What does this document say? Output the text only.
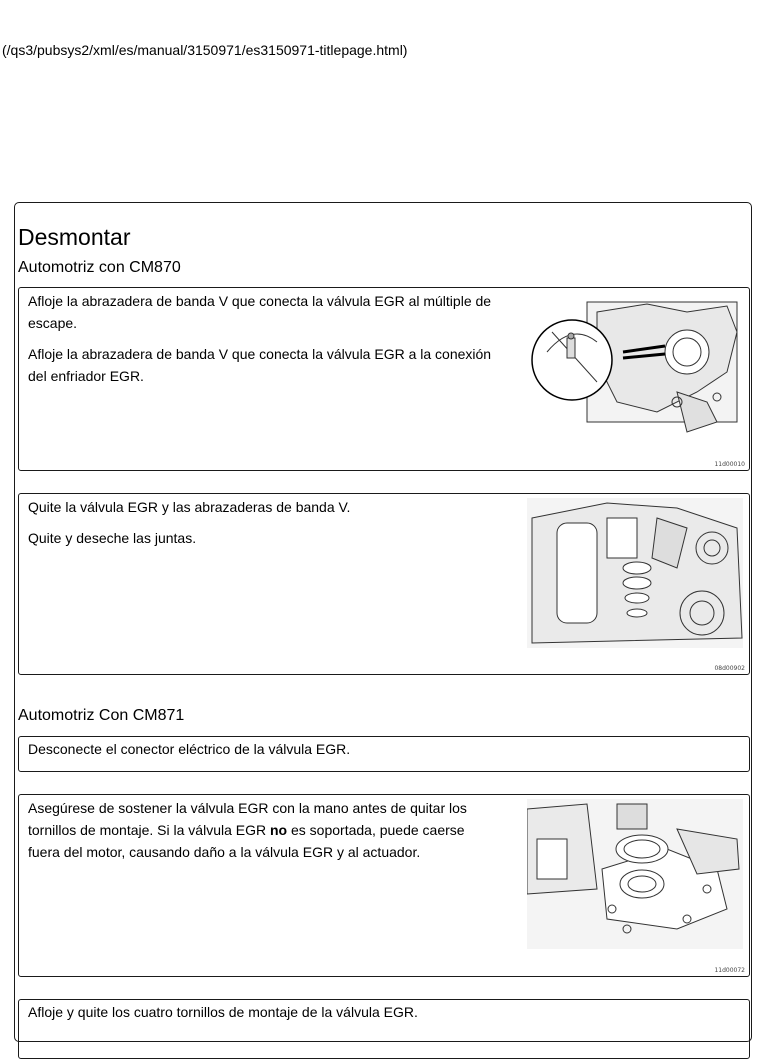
(/qs3/pubsys2/xml/es/manual/3150971/es3150971-titlepage.html)
Desmontar
Automotriz con CM870

Afloje la abrazadera de banda V que conecta la válvula EGR al múltiple de escape.

Afloje la abrazadera de banda V que conecta la válvula EGR a la conexión del enfriador EGR.

11d00010

Quite la válvula EGR y las abrazaderas de banda V.

Quite y deseche las juntas.

08d00902
Automotriz Con CM871

Desconecte el conector eléctrico de la válvula EGR.

Asegúrese de sostener la válvula EGR con la mano antes de quitar los tornillos de montaje. Si la válvula EGR no es soportada, puede caerse fuera del motor, causando daño a la válvula EGR y al actuador.

11d00072

Afloje y quite los cuatro tornillos de montaje de la válvula EGR.
